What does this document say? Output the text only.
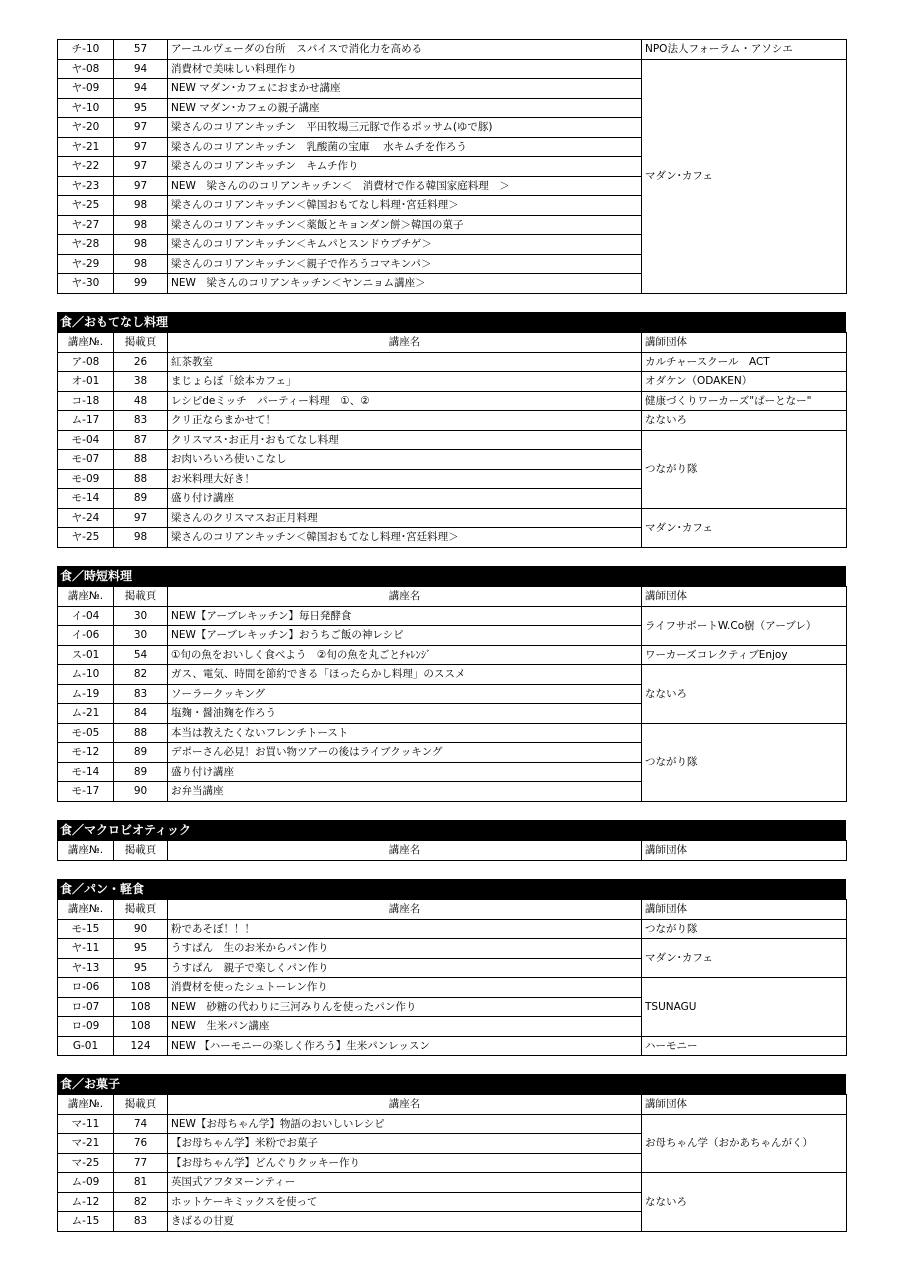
チ-10	57	アーユルヴェーダの台所　スパイスで消化力を高める	NPO法人フォーラム・アソシエ
ヤ-08	94	消費材で美味しい料理作り	マダン･カフェ
ヤ-09	94	NEW マダン･カフェにおまかせ講座	
ヤ-10	95	NEW マダン･カフェの親子講座	
ヤ-20	97	梁さんのコリアンキッチン　平田牧場三元豚で作るポッサム(ゆで豚)	
ヤ-21	97	梁さんのコリアンキッチン　乳酸菌の宝庫　 水キムチを作ろう	
ヤ-22	97	梁さんのコリアンキッチン　キムチ作り	
ヤ-23	97	NEW　梁さんののコリアンキッチン＜　消費材で作る韓国家庭料理　＞	
ヤ-25	98	梁さんのコリアンキッチン＜韓国おもてなし料理･宮廷料理＞	
ヤ-27	98	梁さんのコリアンキッチン＜薬飯とキョンダン餅＞韓国の菓子	
ヤ-28	98	梁さんのコリアンキッチン＜キムパとスンドウブチゲ＞	
ヤ-29	98	梁さんのコリアンキッチン＜親子で作ろうコマキンパ＞	
ヤ-30	99	NEW　梁さんのコリアンキッチン＜ヤンニョム講座＞	
食／おもてなし料理
講座№.	掲載頁	講座名	講師団体
ア-08	26	紅茶教室	カルチャースクール　ACT
オ-01	38	まじょらぼ「絵本カフェ」	オダケン（ODAKEN）
コ-18	48	レシピdeミッチ　パーティー料理　①、②	健康づくりワーカーズ"ぱーとなー"
ム-17	83	クリ正ならまかせて！	なないろ
モ-04	87	クリスマス･お正月･おもてなし料理	つながり隊
モ-07	88	お肉いろいろ使いこなし	
モ-09	88	お米料理大好き！	
モ-14	89	盛り付け講座	
ヤ-24	97	梁さんのクリスマスお正月料理	マダン･カフェ
ヤ-25	98	梁さんのコリアンキッチン＜韓国おもてなし料理･宮廷料理＞	
食／時短料理
講座№.	掲載頁	講座名	講師団体
イ-04	30	NEW【アーブレキッチン】毎日発酵食	ライフサポートW.Co樹（アーブレ）
イ-06	30	NEW【アーブレキッチン】おうちご飯の神レシピ	
ス-01	54	①旬の魚をおいしく食べよう　②旬の魚を丸ごとﾁｬﾚﾝｼﾞ	ワーカーズコレクティブEnjoy
ム-10	82	ガス、電気、時間を節約できる「ほったらかし料理」のススメ	なないろ
ム-19	83	ソーラークッキング	
ム-21	84	塩麹・醤油麹を作ろう	
モ-05	88	本当は教えたくないフレンチトースト	つながり隊
モ-12	89	デポーさん必見！お買い物ツアーの後はライブクッキング	
モ-14	89	盛り付け講座	
モ-17	90	お弁当講座	
食／マクロビオティック
講座№.	掲載頁	講座名	講師団体
食／パン・軽食
講座№.	掲載頁	講座名	講師団体
モ-15	90	粉であそぼ！！！	つながり隊
ヤ-11	95	うすぱん　生のお米からパン作り	マダン･カフェ
ヤ-13	95	うすぱん　親子で楽しくパン作り	
ロ-06	108	消費材を使ったシュトーレン作り	TSUNAGU
ロ-07	108	NEW　砂糖の代わりに三河みりんを使ったパン作り	
ロ-09	108	NEW　生米パン講座	
G-01	124	NEW 【ハーモニーの楽しく作ろう】生米パンレッスン	ハーモニー
食／お菓子
講座№.	掲載頁	講座名	講師団体
マ-11	74	NEW【お母ちゃん学】物語のおいしいレシピ	お母ちゃん学（おかあちゃんがく）
マ-21	76	【お母ちゃん学】米粉でお菓子	
マ-25	77	【お母ちゃん学】どんぐりクッキー作り	
ム-09	81	英国式アフタヌーンティー	なないろ
ム-12	82	ホットケーキミックスを使って	
ム-15	83	きばるの甘夏	
